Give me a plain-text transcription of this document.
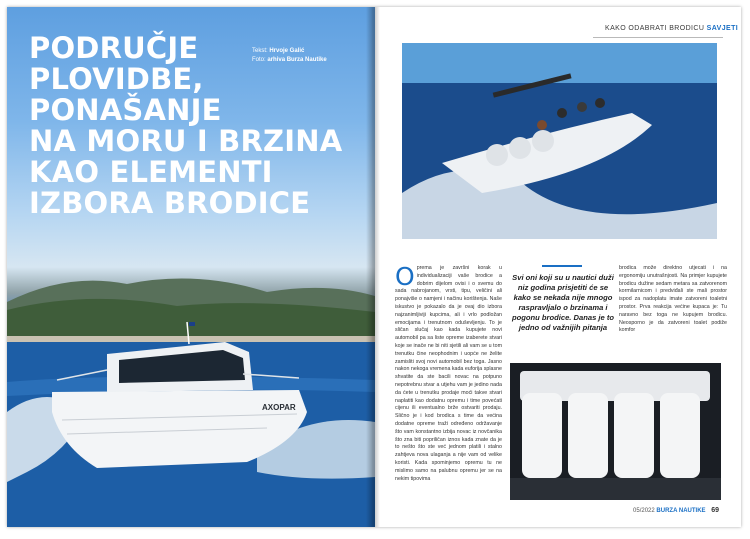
PODRUČJE
PLOVIDBE,
PONAŠANJE
NA MORU I BRZINA
KAO ELEMENTI
IZBORA BRODICE
Tekst: Hrvoje Galić
Foto: arhiva Burza Nautike
AXOPAR
KAKO ODABRATI BRODICU SAVJETI
O prema je završni korak u individualizaciji vaše brodice a dobrim dijelom ovisi i o svemu do sada nabrojanom, vrsti, tipu, veličini ali ponajviše o namjeni i načinu korištenja. Naše iskustvo je pokazalo da je ovaj dio izbora najzanimljiviji kupcima, ali i vrlo podložan emocijama i trenutnom oduševljenju. To je sličan slučaj kao kada kupujete novi automobil pa sa liste opreme izaberete stvari koje se inače ne bi niti sjetili ali vam se u tom trenutku čine neophodnim i uopće ne želite zamisliti svoj novi automobil bez toga. Jasno nakon nekoga vremena kada euforija splasne shvatite da ste bacili novac na potpuno nepotrebnu stvar a utjehu vam je jedino nada da ćete u trenutku prodaje moći takve stvari naplatiti kao dodatnu opremu i time povećati cijenu ili eventualno brže ostvariti prodaju. Slično je i kod brodica s time da većina dodatne opreme traži određeno održavanje što vam konstantno izbija novac iz novčanika što zna biti popriličan iznos kada znate da je to nešto što ste već jednom platili i stalno zahtjeva nova ulaganja a nije vam od velike koristi. Kada spominjemo opremu tu ne mislimo samo na palubnu opremu jer se na nekim tipovima
Svi oni koji su u nautici duži niz godina prisjetiti će se kako se nekada nije mnogo raspravljalo o brzinama i pogonu brodice. Danas je to jedno od važnijih pitanja
brodica može direktno utjecati i na ergonomiju unutrašnjosti. Na primjer kupujete brodicu dužine sedam metara sa zatvorenom kormilarnicom i predviđali ste mali prostor ispod za nadoplatu imate zatvoreni toaletni prostor. Prva reakcija većine kupaca je: Tu naravno bez toga ne kupujem brodicu. Neosporno je da zatvoreni toalet podiže komfor
05/2022 BURZA NAUTIKE 69
